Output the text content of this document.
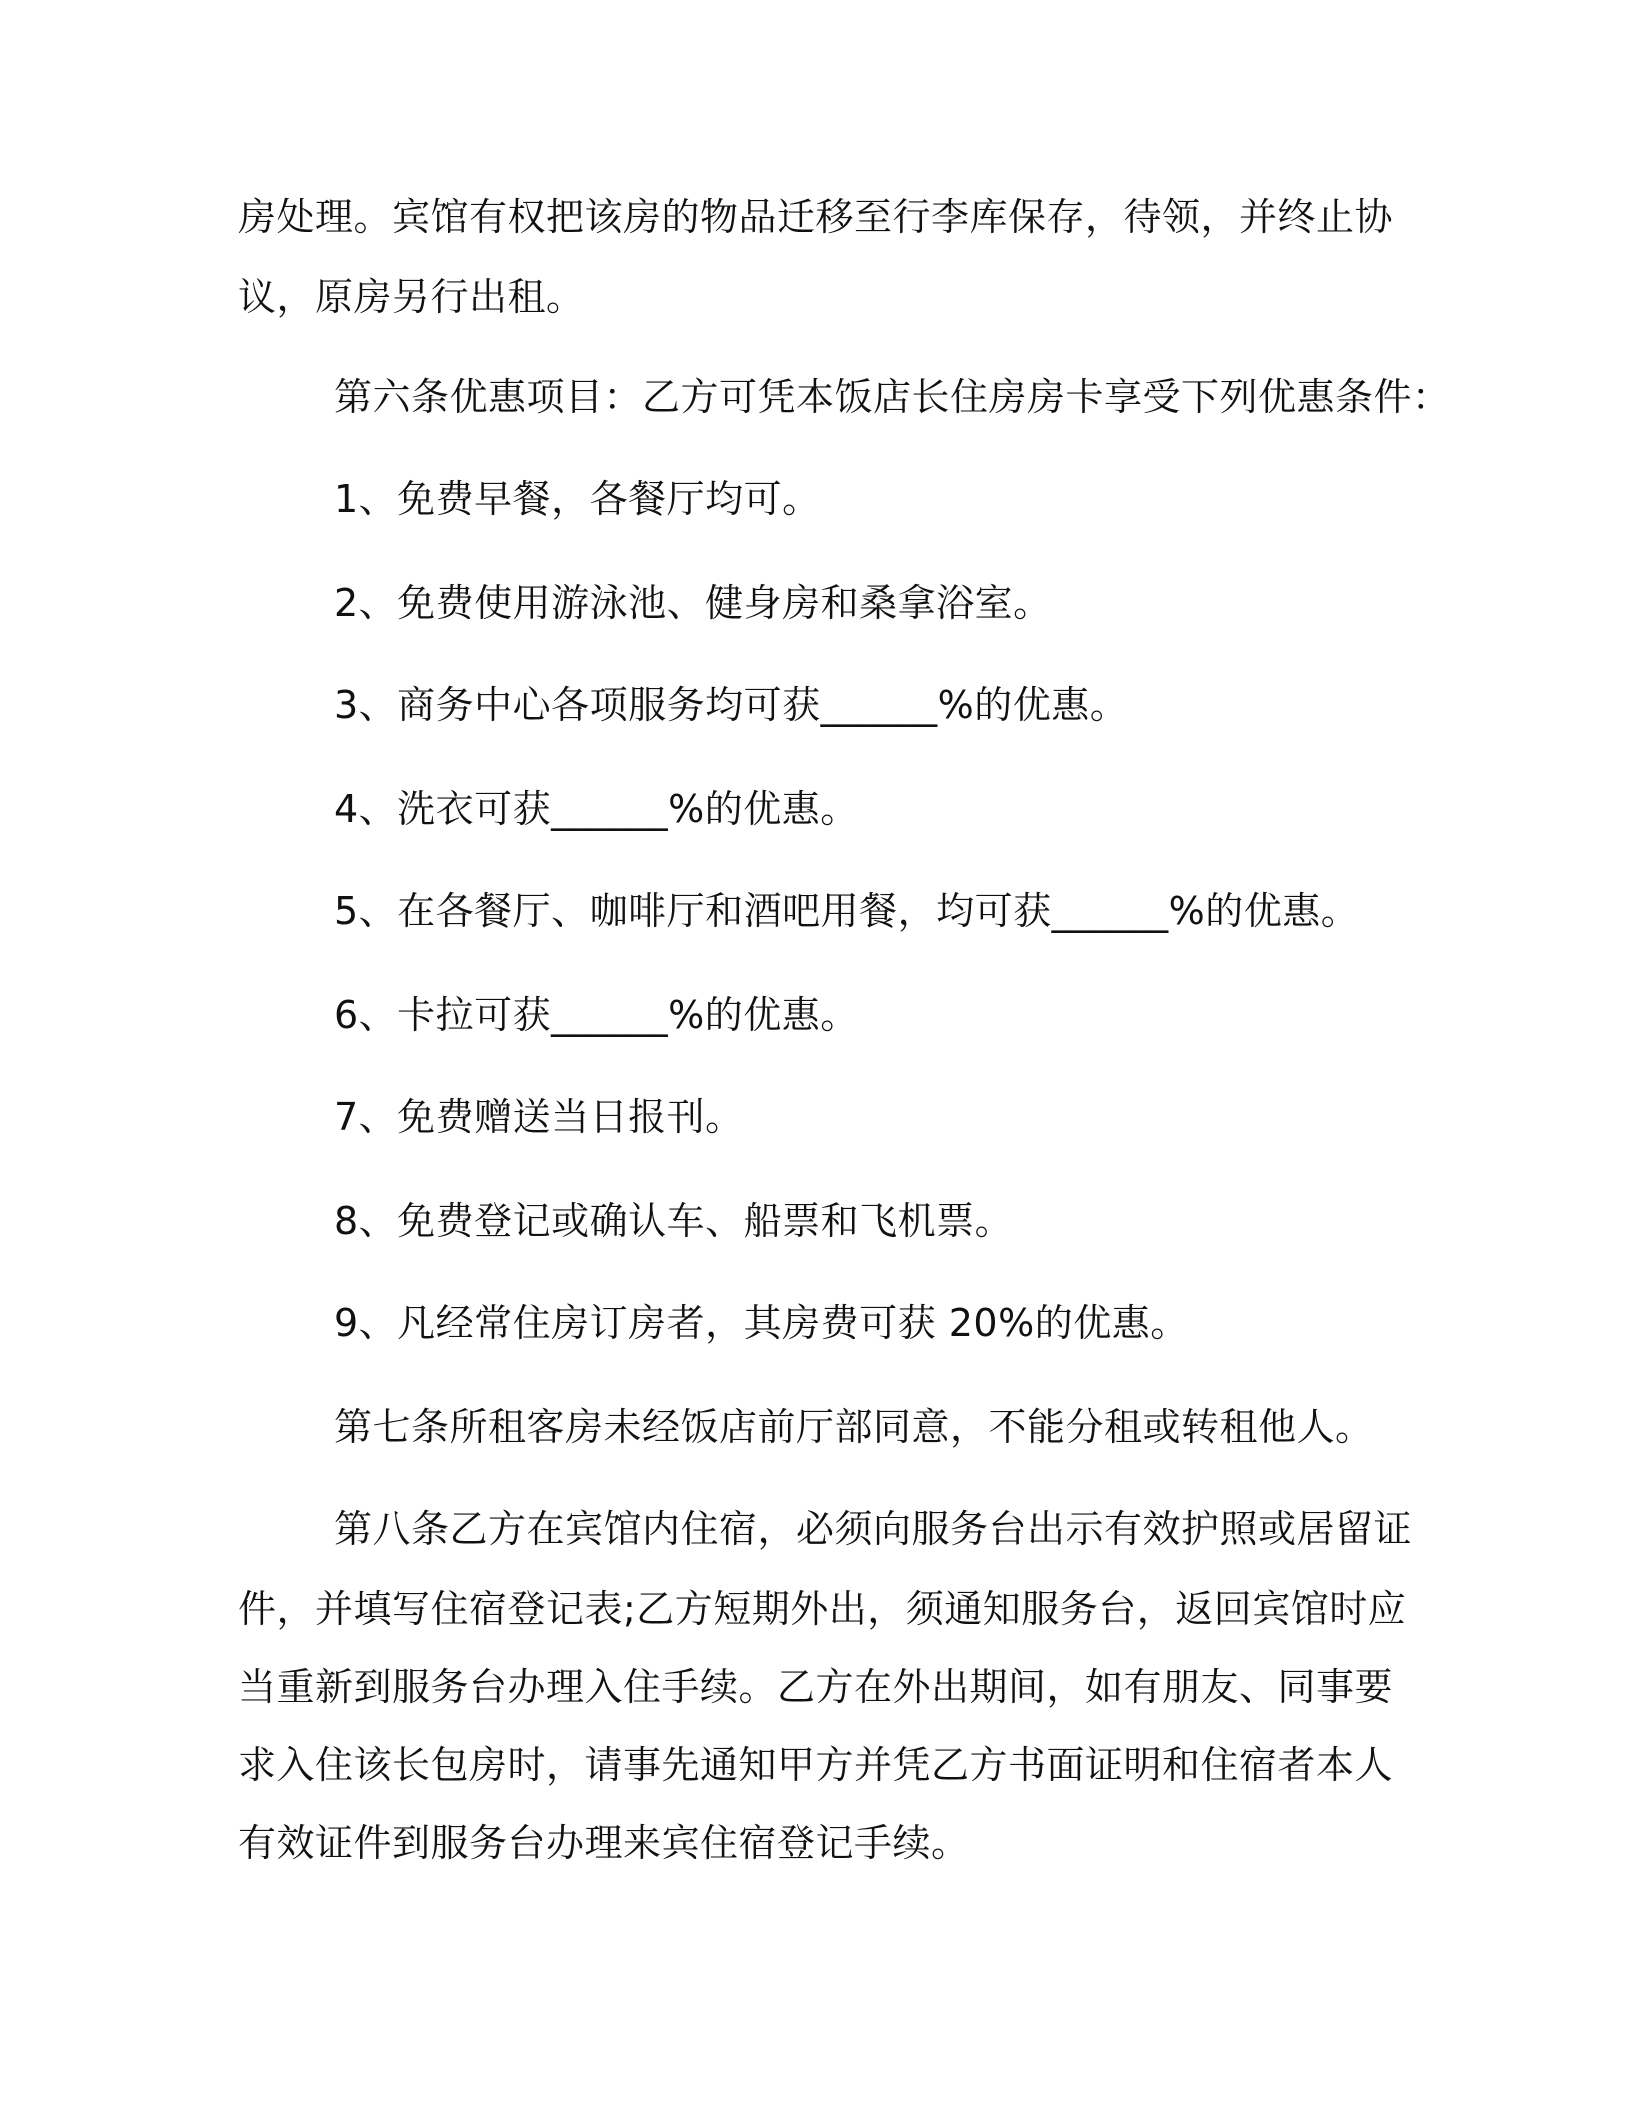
房处理。宾馆有权把该房的物品迁移至行李库保存，待领，并终止协
议，原房另行出租。
第六条优惠项目：乙方可凭本饭店长住房房卡享受下列优惠条件：
1、免费早餐，各餐厅均可。
2、免费使用游泳池、健身房和桑拿浴室。
3、商务中心各项服务均可获______%的优惠。
4、洗衣可获______%的优惠。
5、在各餐厅、咖啡厅和酒吧用餐，均可获______%的优惠。
6、卡拉可获______%的优惠。
7、免费赠送当日报刊。
8、免费登记或确认车、船票和飞机票。
9、凡经常住房订房者，其房费可获 20%的优惠。
第七条所租客房未经饭店前厅部同意，不能分租或转租他人。
第八条乙方在宾馆内住宿，必须向服务台出示有效护照或居留证
件，并填写住宿登记表;乙方短期外出，须通知服务台，返回宾馆时应
当重新到服务台办理入住手续。乙方在外出期间，如有朋友、同事要
求入住该长包房时，请事先通知甲方并凭乙方书面证明和住宿者本人
有效证件到服务台办理来宾住宿登记手续。
